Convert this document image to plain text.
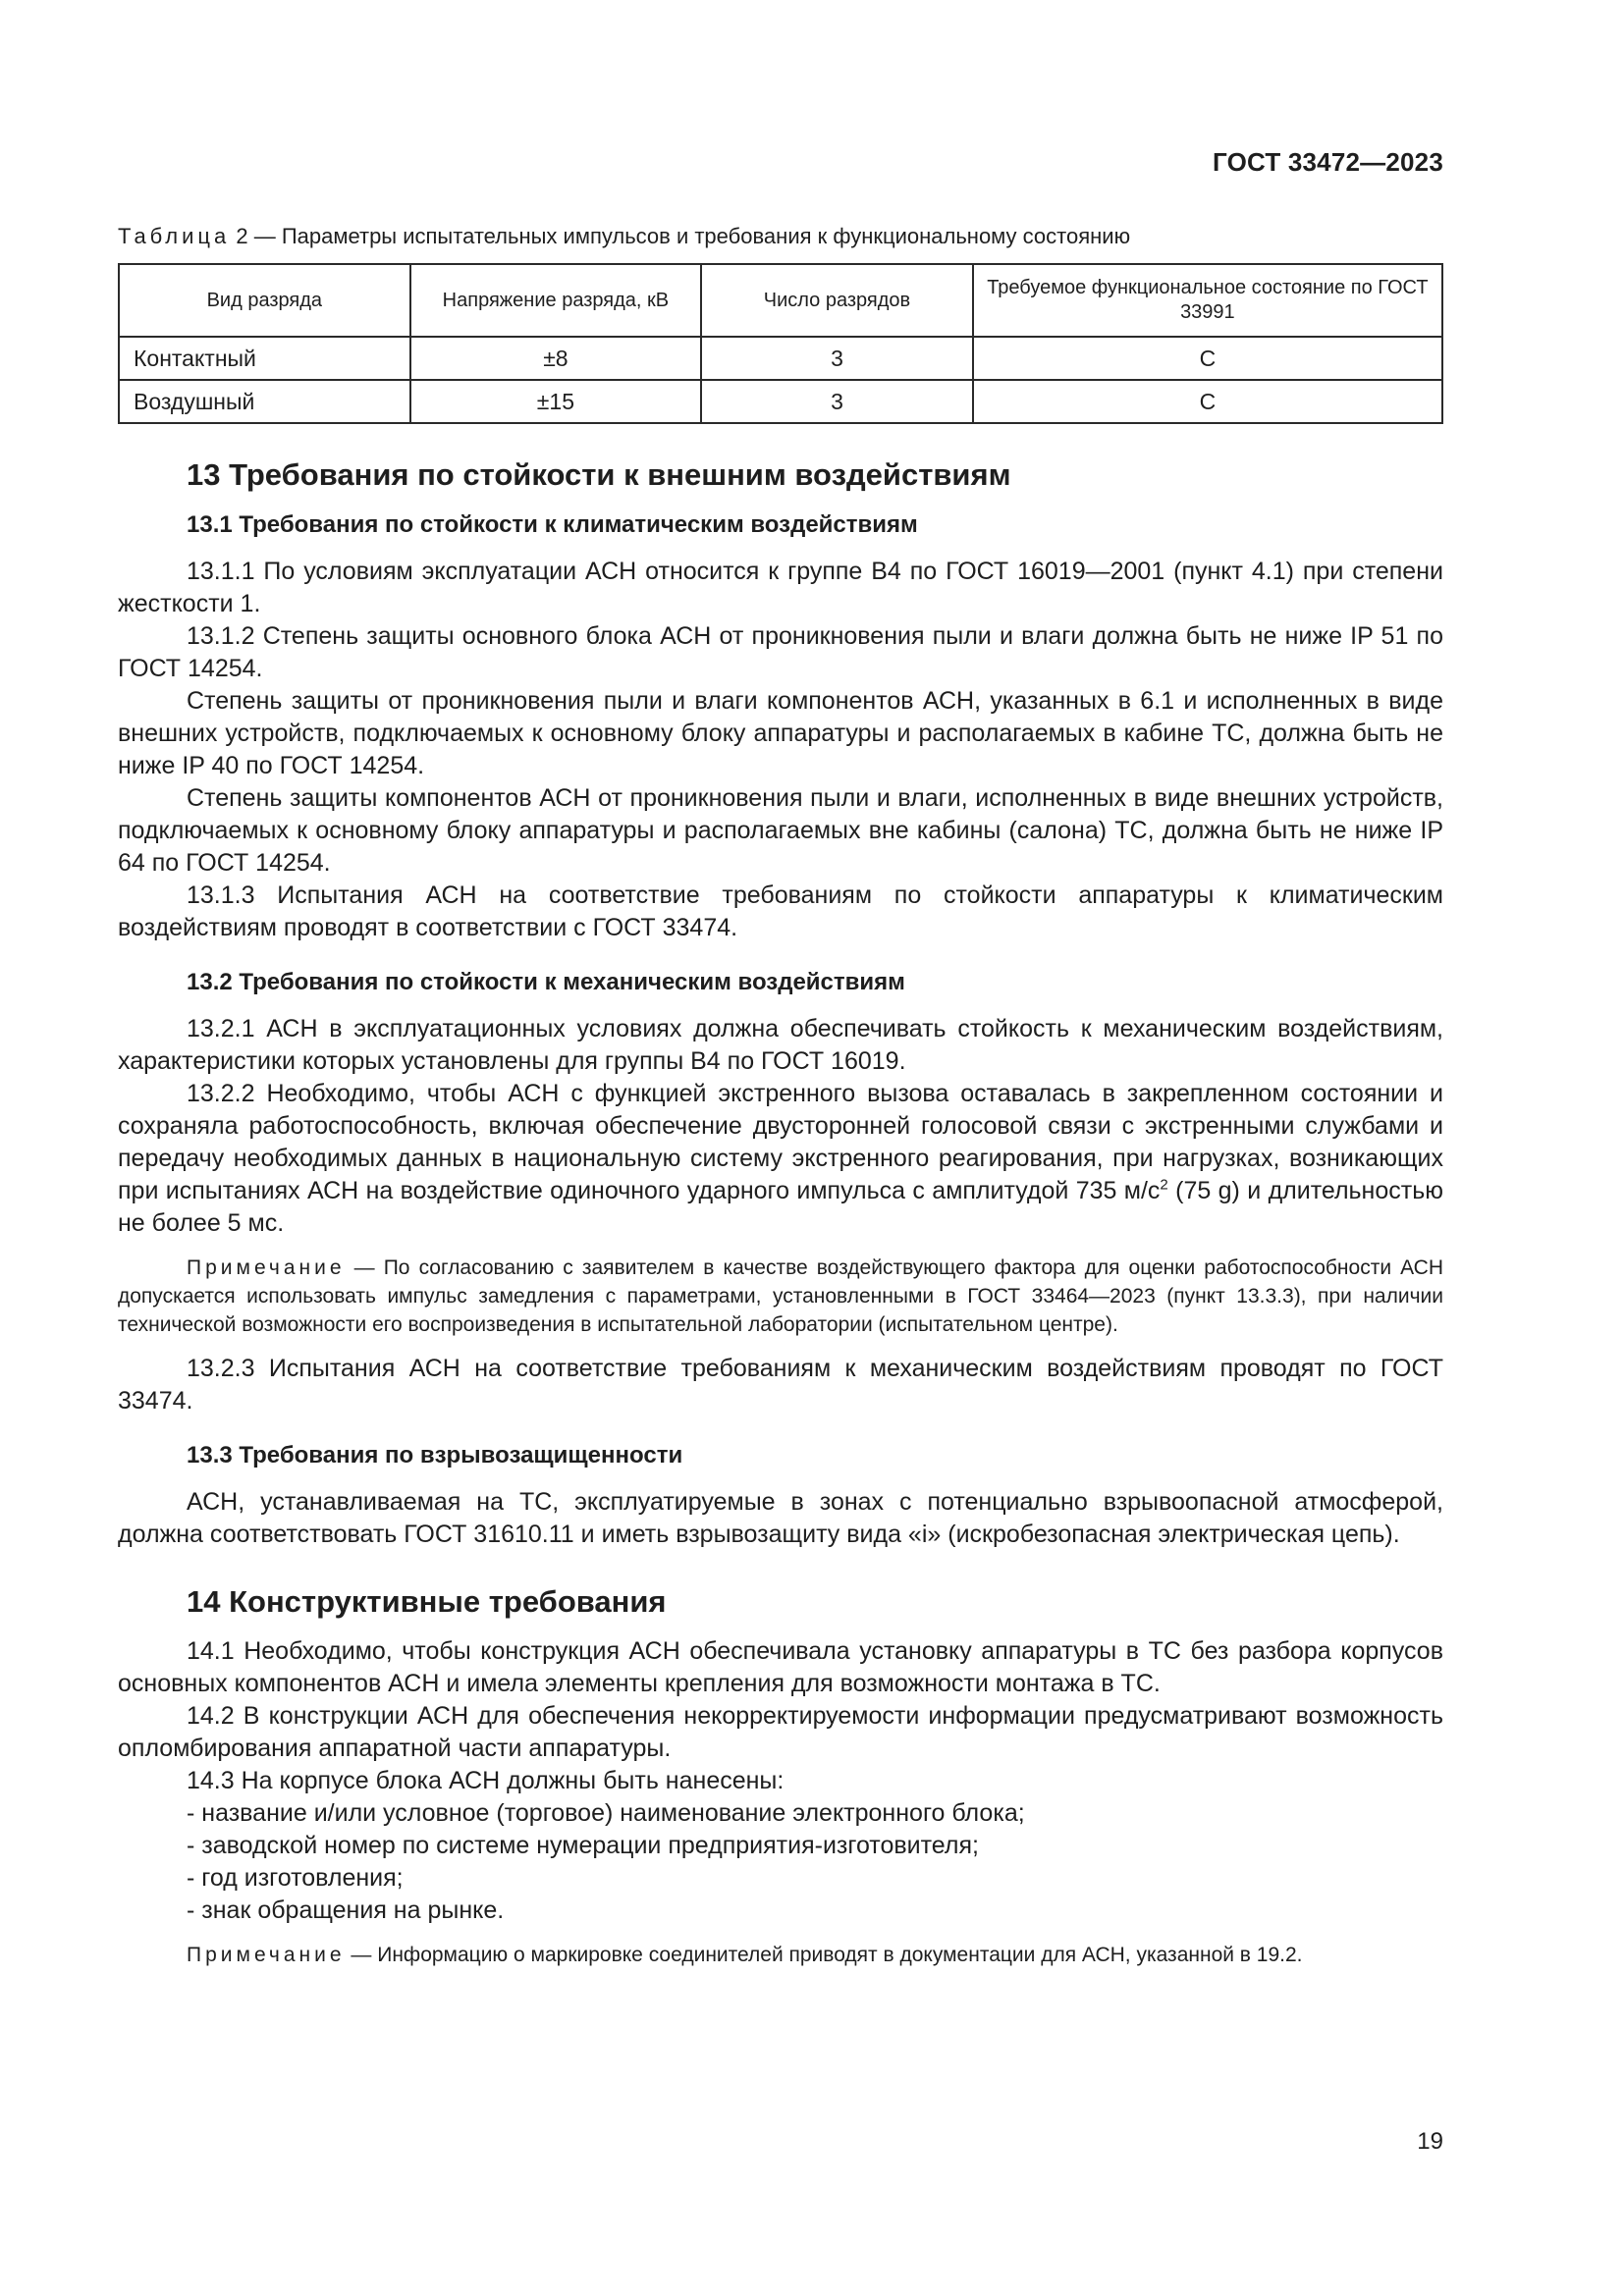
ГОСТ 33472—2023

Таблица 2 — Параметры испытательных импульсов и требования к функциональному состоянию

Вид разряда	Напряжение разряда, кВ	Число разрядов	Требуемое функциональное состояние по ГОСТ 33991
Контактный	±8	3	С
Воздушный	±15	3	С
13 Требования по стойкости к внешним воздействиям
13.1 Требования по стойкости к климатическим воздействиям

13.1.1 По условиям эксплуатации АСН относится к группе В4 по ГОСТ 16019—2001 (пункт 4.1) при степени жесткости 1.

13.1.2 Степень защиты основного блока АСН от проникновения пыли и влаги должна быть не ниже IP 51 по ГОСТ 14254.

Степень защиты от проникновения пыли и влаги компонентов АСН, указанных в 6.1 и исполненных в виде внешних устройств, подключаемых к основному блоку аппаратуры и располагаемых в кабине ТС, должна быть не ниже IP 40 по ГОСТ 14254.

Степень защиты компонентов АСН от проникновения пыли и влаги, исполненных в виде внешних устройств, подключаемых к основному блоку аппаратуры и располагаемых вне кабины (салона) ТС, должна быть не ниже IP 64 по ГОСТ 14254.

13.1.3 Испытания АСН на соответствие требованиям по стойкости аппаратуры к климатическим воздействиям проводят в соответствии с ГОСТ 33474.

13.2 Требования по стойкости к механическим воздействиям

13.2.1 АСН в эксплуатационных условиях должна обеспечивать стойкость к механическим воздействиям, характеристики которых установлены для группы В4 по ГОСТ 16019.

13.2.2 Необходимо, чтобы АСН с функцией экстренного вызова оставалась в закрепленном состоянии и сохраняла работоспособность, включая обеспечение двусторонней голосовой связи с экстренными службами и передачу необходимых данных в национальную систему экстренного реагирования, при нагрузках, возникающих при испытаниях АСН на воздействие одиночного ударного импульса с амплитудой 735 $м/с^2$ (75 g) и длительностью не более 5 мс.

Примечание — По согласованию с заявителем в качестве воздействующего фактора для оценки работоспособности АСН допускается использовать импульс замедления с параметрами, установленными в ГОСТ 33464—2023 (пункт 13.3.3), при наличии технической возможности его воспроизведения в испытательной лаборатории (испытательном центре).

13.2.3 Испытания АСН на соответствие требованиям к механическим воздействиям проводят по ГОСТ 33474.

13.3 Требования по взрывозащищенности

АСН, устанавливаемая на ТС, эксплуатируемые в зонах с потенциально взрывоопасной атмосферой, должна соответствовать ГОСТ 31610.11 и иметь взрывозащиту вида «i» (искробезопасная электрическая цепь).

14 Конструктивные требования

14.1 Необходимо, чтобы конструкция АСН обеспечивала установку аппаратуры в ТС без разбора корпусов основных компонентов АСН и имела элементы крепления для возможности монтажа в ТС.

14.2 В конструкции АСН для обеспечения некорректируемости информации предусматривают возможность опломбирования аппаратной части аппаратуры.

14.3 На корпусе блока АСН должны быть нанесены:

- название и/или условное (торговое) наименование электронного блока;

- заводской номер по системе нумерации предприятия-изготовителя;

- год изготовления;

- знак обращения на рынке.

Примечание — Информацию о маркировке соединителей приводят в документации для АСН, указанной в 19.2.

19
